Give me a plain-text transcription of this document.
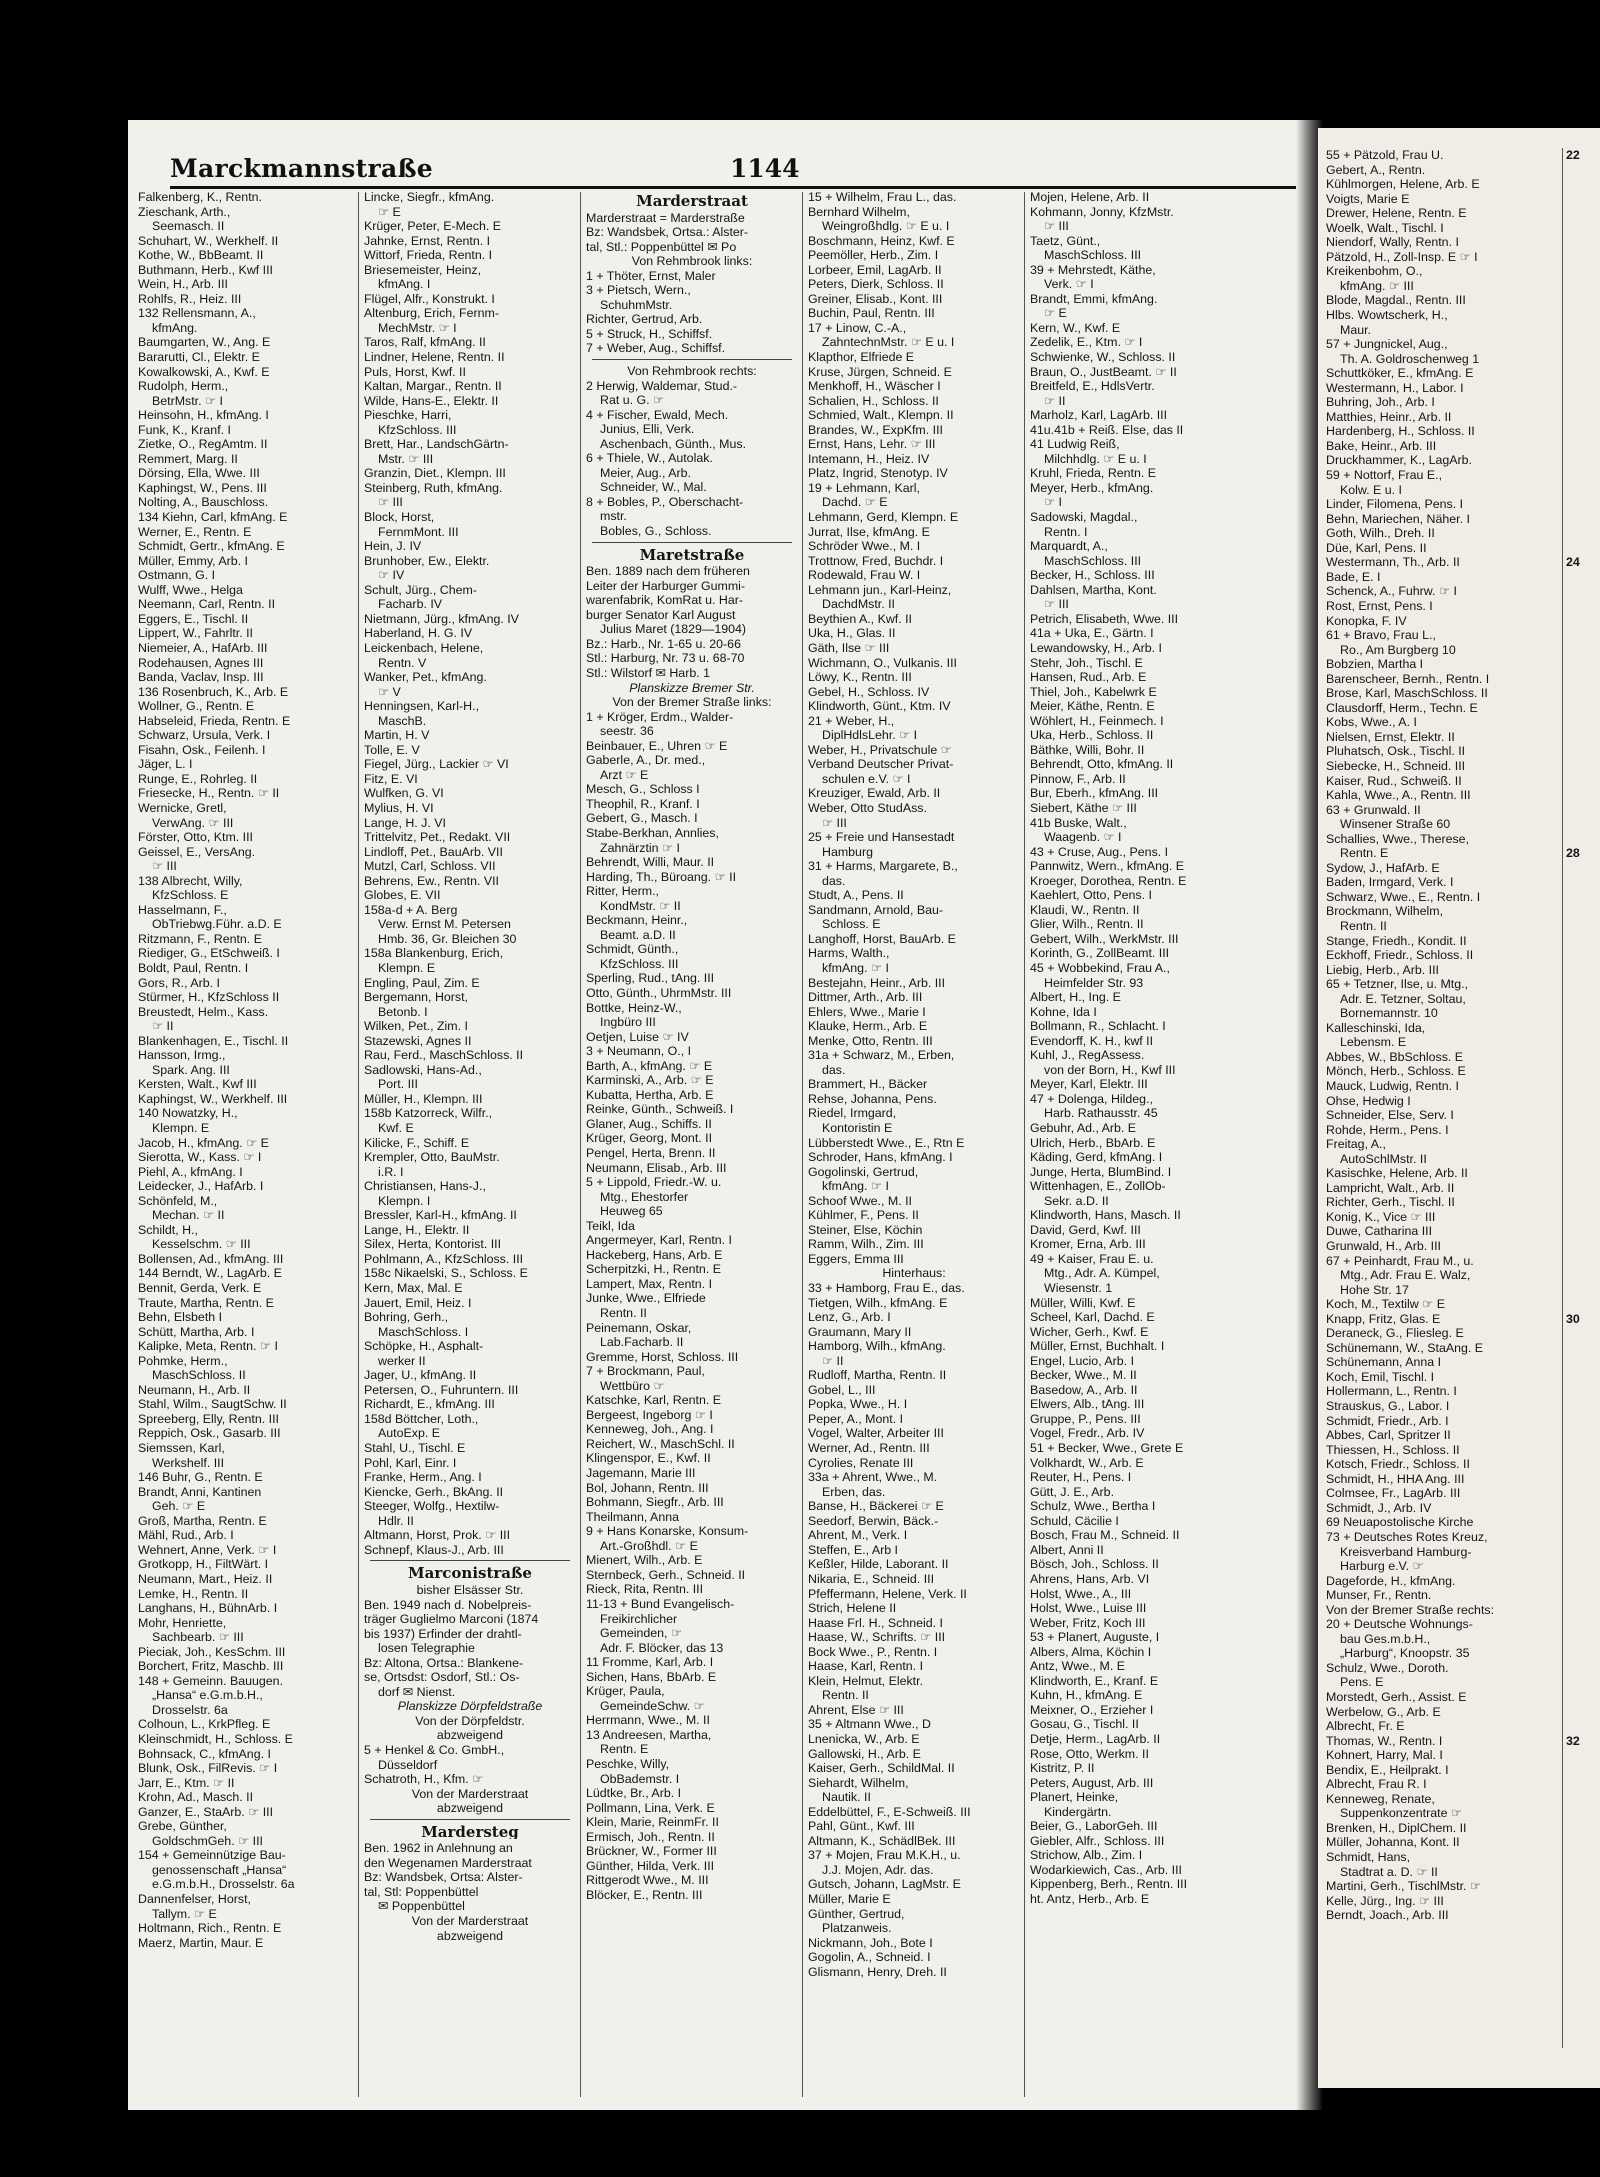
Marckmannstraße	1144
Falkenberg, K., Rentn.
Zieschank, Arth.,
Seemasch. II
Schuhart, W., Werkhelf. II
Kothe, W., BbBeamt. II
Buthmann, Herb., Kwf III
Wein, H., Arb. III
Rohlfs, R., Heiz. III
132 Rellensmann, A.,
kfmAng.
Baumgarten, W., Ang. E
Bararutti, Cl., Elektr. E
Kowalkowski, A., Kwf. E
Rudolph, Herm.,
BetrMstr. ☞ I
Heinsohn, H., kfmAng. I
Funk, K., Kranf. I
Zietke, O., RegAmtm. II
Remmert, Marg. II
Dörsing, Ella, Wwe. III
Kaphingst, W., Pens. III
Nolting, A., Bauschloss.
134 Kiehn, Carl, kfmAng. E
Werner, E., Rentn. E
Schmidt, Gertr., kfmAng. E
Müller, Emmy, Arb. I
Ostmann, G. I
Wulff, Wwe., Helga
Neemann, Carl, Rentn. II
Eggers, E., Tischl. II
Lippert, W., Fahrltr. II
Niemeier, A., HafArb. III
Rodehausen, Agnes III
Banda, Vaclav, Insp. III
136 Rosenbruch, K., Arb. E
Wollner, G., Rentn. E
Habseleid, Frieda, Rentn. E
Schwarz, Ursula, Verk. I
Fisahn, Osk., Feilenh. I
Jäger, L. I
Runge, E., Rohrleg. II
Friesecke, H., Rentn. ☞ II
Wernicke, Gretl,
VerwAng. ☞ III
Förster, Otto, Ktm. III
Geissel, E., VersAng.
☞ III
138 Albrecht, Willy,
KfzSchloss. E
Hasselmann, F.,
ObTriebwg.Führ. a.D. E
Ritzmann, F., Rentn. E
Riediger, G., EtSchweiß. I
Boldt, Paul, Rentn. I
Gors, R., Arb. I
Stürmer, H., KfzSchloss II
Breustedt, Helm., Kass.
☞ II
Blankenhagen, E., Tischl. II
Hansson, Irmg.,
Spark. Ang. III
Kersten, Walt., Kwf III
Kaphingst, W., Werkhelf. III
140 Nowatzky, H.,
Klempn. E
Jacob, H., kfmAng. ☞ E
Sierotta, W., Kass. ☞ I
Piehl, A., kfmAng. I
Leidecker, J., HafArb. I
Schönfeld, M.,
Mechan. ☞ II
Schildt, H.,
Kesselschm. ☞ III
Bollensen, Ad., kfmAng. III
144 Berndt, W., LagArb. E
Bennit, Gerda, Verk. E
Traute, Martha, Rentn. E
Behn, Elsbeth I
Schütt, Martha, Arb. I
Kalipke, Meta, Rentn. ☞ I
Pohmke, Herm.,
MaschSchloss. II
Neumann, H., Arb. II
Stahl, Wilm., SaugtSchw. II
Spreeberg, Elly, Rentn. III
Reppich, Osk., Gasarb. III
Siemssen, Karl,
Werkshelf. III
146 Buhr, G., Rentn. E
Brandt, Anni, Kantinen
Geh. ☞ E
Groß, Martha, Rentn. E
Mähl, Rud., Arb. I
Wehnert, Anne, Verk. ☞ I
Grotkopp, H., FiltWärt. I
Neumann, Mart., Heiz. II
Lemke, H., Rentn. II
Langhans, H., BühnArb. I
Mohr, Henriette,
Sachbearb. ☞ III
Pieciak, Joh., KesSchm. III
Borchert, Fritz, Maschb. III
148 + Gemeinn. Bauugen.
„Hansa“ e.G.m.b.H.,
Drosselstr. 6a
Colhoun, L., KrkPfleg. E
Kleinschmidt, H., Schloss. E
Bohnsack, C., kfmAng. I
Blunk, Osk., FilRevis. ☞ I
Jarr, E., Ktm. ☞ II
Krohn, Ad., Masch. II
Ganzer, E., StaArb. ☞ III
Grebe, Günther,
GoldschmGeh. ☞ III
154 + Gemeinnützige Bau-
genossenschaft „Hansa“
e.G.m.b.H., Drosselstr. 6a
Dannenfelser, Horst,
Tallym. ☞ E
Holtmann, Rich., Rentn. E
Maerz, Martin, Maur. E
Lincke, Siegfr., kfmAng.
☞ E
Krüger, Peter, E-Mech. E
Jahnke, Ernst, Rentn. I
Wittorf, Frieda, Rentn. I
Briesemeister, Heinz,
kfmAng. I
Flügel, Alfr., Konstrukt. I
Altenburg, Erich, Fernm-
MechMstr. ☞ I
Taros, Ralf, kfmAng. II
Lindner, Helene, Rentn. II
Puls, Horst, Kwf. II
Kaltan, Margar., Rentn. II
Wilde, Hans-E., Elektr. II
Pieschke, Harri,
KfzSchloss. III
Brett, Har., LandschGärtn-
Mstr. ☞ III
Granzin, Diet., Klempn. III
Steinberg, Ruth, kfmAng.
☞ III
Block, Horst,
FernmMont. III
Hein, J. IV
Brunhober, Ew., Elektr.
☞ IV
Schult, Jürg., Chem-
Facharb. IV
Nietmann, Jürg., kfmAng. IV
Haberland, H. G. IV
Leickenbach, Helene,
Rentn. V
Wanker, Pet., kfmAng.
☞ V
Henningsen, Karl-H.,
MaschB.
Martin, H. V
Tolle, E. V
Fiegel, Jürg., Lackier ☞ VI
Fitz, E. VI
Wulfken, G. VI
Mylius, H. VI
Lange, H. J. VI
Trittelvitz, Pet., Redakt. VII
Lindloff, Pet., BauArb. VII
Mutzl, Carl, Schloss. VII
Behrens, Ew., Rentn. VII
Globes, E. VII
158a-d + A. Berg
Verw. Ernst M. Petersen
Hmb. 36, Gr. Bleichen 30
158a Blankenburg, Erich,
Klempn. E
Engling, Paul, Zim. E
Bergemann, Horst,
Betonb. I
Wilken, Pet., Zim. I
Stazewski, Agnes II
Rau, Ferd., MaschSchloss. II
Sadlowski, Hans-Ad.,
Port. III
Müller, H., Klempn. III
158b Katzorreck, Wilfr.,
Kwf. E
Kilicke, F., Schiff. E
Krempler, Otto, BauMstr.
i.R. I
Christiansen, Hans-J.,
Klempn. I
Bressler, Karl-H., kfmAng. II
Lange, H., Elektr. II
Silex, Herta, Kontorist. III
Pohlmann, A., KfzSchloss. III
158c Nikaelski, S., Schloss. E
Kern, Max, Mal. E
Jauert, Emil, Heiz. I
Bohring, Gerh.,
MaschSchloss. I
Schöpke, H., Asphalt-
werker II
Jager, U., kfmAng. II
Petersen, O., Fuhruntern. III
Richardt, E., kfmAng. III
158d Böttcher, Loth.,
AutoExp. E
Stahl, U., Tischl. E
Pohl, Karl, Einr. I
Franke, Herm., Ang. I
Kiencke, Gerh., BkAng. II
Steeger, Wolfg., Hextilw-
Hdlr. II
Altmann, Horst, Prok. ☞ III
Schnepf, Klaus-J., Arb. III
Marconistraße
bisher Elsässer Str.
Ben. 1949 nach d. Nobelpreis-
träger Guglielmo Marconi (1874
bis 1937) Erfinder der drahtl-
losen Telegraphie
Bz: Altona, Ortsa.: Blankene-
se, Ortsdst: Osdorf, Stl.: Os-
dorf ✉ Nienst.
Planskizze Dörpfeldstraße
Von der Dörpfeldstr.
abzweigend
5 + Henkel & Co. GmbH.,
Düsseldorf
Schatroth, H., Kfm. ☞
Von der Marderstraat
abzweigend
Mardersteg
Ben. 1962 in Anlehnung an
den Wegenamen Marderstraat
Bz: Wandsbek, Ortsa: Alster-
tal, Stl: Poppenbüttel
✉ Poppenbüttel
Von der Marderstraat
abzweigend
Marderstraat
Marderstraat = Marderstraße
Bz: Wandsbek, Ortsa.: Alster-
tal, Stl.: Poppenbüttel ✉ Po
Von Rehmbrook links:
1 + Thöter, Ernst, Maler
3 + Pietsch, Wern.,
SchuhmMstr.
Richter, Gertrud, Arb.
5 + Struck, H., Schiffsf.
7 + Weber, Aug., Schiffsf.
Von Rehmbrook rechts:
2 Herwig, Waldemar, Stud.-
Rat u. G. ☞
4 + Fischer, Ewald, Mech.
Junius, Elli, Verk.
Aschenbach, Günth., Mus.
6 + Thiele, W., Autolak.
Meier, Aug., Arb.
Schneider, W., Mal.
8 + Bobles, P., Oberschacht-
mstr.
Bobles, G., Schloss.
Maretstraße
Ben. 1889 nach dem früheren
Leiter der Harburger Gummi-
warenfabrik, KomRat u. Har-
burger Senator Karl August
Julius Maret (1829—1904)
Bz.: Harb., Nr. 1-65 u. 20-66
Stl.: Harburg, Nr. 73 u. 68-70
Stl.: Wilstorf ✉ Harb. 1
Planskizze Bremer Str.
Von der Bremer Straße links:
1 + Kröger, Erdm., Walder-
seestr. 36
Beinbauer, E., Uhren ☞ E
Gaberle, A., Dr. med.,
Arzt ☞ E
Mesch, G., Schloss I
Theophil, R., Kranf. I
Gebert, G., Masch. I
Stabe-Berkhan, Annlies,
Zahnärztin ☞ I
Behrendt, Willi, Maur. II
Harding, Th., Büroang. ☞ II
Ritter, Herm.,
KondMstr. ☞ II
Beckmann, Heinr.,
Beamt. a.D. II
Schmidt, Günth.,
KfzSchloss. III
Sperling, Rud., tAng. III
Otto, Günth., UhrmMstr. III
Bottke, Heinz-W.,
Ingbüro III
Oetjen, Luise ☞ IV
3 + Neumann, O., I
Barth, A., kfmAng. ☞ E
Karminski, A., Arb. ☞ E
Kubatta, Hertha, Arb. E
Reinke, Günth., Schweiß. I
Glaner, Aug., Schiffs. II
Krüger, Georg, Mont. II
Pengel, Herta, Brenn. II
Neumann, Elisab., Arb. III
5 + Lippold, Friedr.-W. u.
Mtg., Ehestorfer
Heuweg 65
Teikl, Ida
Angermeyer, Karl, Rentn. I
Hackeberg, Hans, Arb. E
Scherpitzki, H., Rentn. E
Lampert, Max, Rentn. I
Junke, Wwe., Elfriede
Rentn. II
Peinemann, Oskar,
Lab.Facharb. II
Gremme, Horst, Schloss. III
7 + Brockmann, Paul,
Wettbüro ☞
Katschke, Karl, Rentn. E
Bergeest, Ingeborg ☞ I
Kenneweg, Joh., Ang. I
Reichert, W., MaschSchl. II
Klingenspor, E., Kwf. II
Jagemann, Marie III
Bol, Johann, Rentn. III
Bohmann, Siegfr., Arb. III
Theilmann, Anna
9 + Hans Konarske, Konsum-
Art.-Großhdl. ☞ E
Mienert, Wilh., Arb. E
Sternbeck, Gerh., Schneid. II
Rieck, Rita, Rentn. III
11-13 + Bund Evangelisch-
Freikirchlicher
Gemeinden, ☞
Adr. F. Blöcker, das 13
11 Fromme, Karl, Arb. I
Sichen, Hans, BbArb. E
Krüger, Paula,
GemeindeSchw. ☞
Herrmann, Wwe., M. II
13 Andreesen, Martha,
Rentn. E
Peschke, Willy,
ObBademstr. I
Lüdtke, Br., Arb. I
Pollmann, Lina, Verk. E
Klein, Marie, ReinmFr. II
Ermisch, Joh., Rentn. II
Brückner, W., Former III
Günther, Hilda, Verk. III
Rittgerodt Wwe., M. III
Blöcker, E., Rentn. III
15 + Wilhelm, Frau L., das.
Bernhard Wilhelm,
Weingroßhdlg. ☞ E u. I
Boschmann, Heinz, Kwf. E
Peemöller, Herb., Zim. I
Lorbeer, Emil, LagArb. II
Peters, Dierk, Schloss. II
Greiner, Elisab., Kont. III
Buchin, Paul, Rentn. III
17 + Linow, C.-A.,
ZahntechnMstr. ☞ E u. I
Klapthor, Elfriede E
Kruse, Jürgen, Schneid. E
Menkhoff, H., Wäscher I
Schalien, H., Schloss. II
Schmied, Walt., Klempn. II
Brandes, W., ExpKfm. III
Ernst, Hans, Lehr. ☞ III
Intemann, H., Heiz. IV
Platz, Ingrid, Stenotyp. IV
19 + Lehmann, Karl,
Dachd. ☞ E
Lehmann, Gerd, Klempn. E
Jurrat, Ilse, kfmAng. E
Schröder Wwe., M. I
Trottnow, Fred, Buchdr. I
Rodewald, Frau W. I
Lehmann jun., Karl-Heinz,
DachdMstr. II
Beythien A., Kwf. II
Uka, H., Glas. II
Gäth, Ilse ☞ III
Wichmann, O., Vulkanis. III
Löwy, K., Rentn. III
Gebel, H., Schloss. IV
Klindworth, Günt., Ktm. IV
21 + Weber, H.,
DiplHdlsLehr. ☞ I
Weber, H., Privatschule ☞
Verband Deutscher Privat-
schulen e.V. ☞ I
Kreuziger, Ewald, Arb. II
Weber, Otto StudAss.
☞ III
25 + Freie und Hansestadt
Hamburg
31 + Harms, Margarete, B.,
das.
Studt, A., Pens. II
Sandmann, Arnold, Bau-
Schloss. E
Langhoff, Horst, BauArb. E
Harms, Walth.,
kfmAng. ☞ I
Bestejahn, Heinr., Arb. III
Dittmer, Arth., Arb. III
Ehlers, Wwe., Marie I
Klauke, Herm., Arb. E
Menke, Otto, Rentn. III
31a + Schwarz, M., Erben,
das.
Brammert, H., Bäcker
Rehse, Johanna, Pens.
Riedel, Irmgard,
Kontoristin E
Lübberstedt Wwe., E., Rtn E
Schroder, Hans, kfmAng. I
Gogolinski, Gertrud,
kfmAng. ☞ I
Schoof Wwe., M. II
Kühlmer, F., Pens. II
Steiner, Else, Köchin
Ramm, Wilh., Zim. III
Eggers, Emma III
Hinterhaus:
33 + Hamborg, Frau E., das.
Tietgen, Wilh., kfmAng. E
Lenz, G., Arb. I
Graumann, Mary II
Hamborg, Wilh., kfmAng.
☞ II
Rudloff, Martha, Rentn. II
Gobel, L., III
Popka, Wwe., H. I
Peper, A., Mont. I
Vogel, Walter, Arbeiter III
Werner, Ad., Rentn. III
Cyrolies, Renate III
33a + Ahrent, Wwe., M.
Erben, das.
Banse, H., Bäckerei ☞ E
Seedorf, Berwin, Bäck.-
Ahrent, M., Verk. I
Steffen, E., Arb I
Keßler, Hilde, Laborant. II
Nikaria, E., Schneid. III
Pfeffermann, Helene, Verk. II
Strich, Helene II
Haase Frl. H., Schneid. I
Haase, W., Schrifts. ☞ III
Bock Wwe., P., Rentn. I
Haase, Karl, Rentn. I
Klein, Helmut, Elektr.
Rentn. II
Ahrent, Else ☞ III
35 + Altmann Wwe., D
Lnenicka, W., Arb. E
Gallowski, H., Arb. E
Kaiser, Gerh., SchildMal. II
Siehardt, Wilhelm,
Nautik. II
Eddelbüttel, F., E-Schweiß. III
Pahl, Günt., Kwf. III
Altmann, K., SchädlBek. III
37 + Mojen, Frau M.K.H., u.
J.J. Mojen, Adr. das.
Gutsch, Johann, LagMstr. E
Müller, Marie E
Günther, Gertrud,
Platzanweis.
Nickmann, Joh., Bote I
Gogolin, A., Schneid. I
Glismann, Henry, Dreh. II
Mojen, Helene, Arb. II
Kohmann, Jonny, KfzMstr.
☞ III
Taetz, Günt.,
MaschSchloss. III
39 + Mehrstedt, Käthe,
Verk. ☞ I
Brandt, Emmi, kfmAng.
☞ E
Kern, W., Kwf. E
Zedelik, E., Ktm. ☞ I
Schwienke, W., Schloss. II
Braun, O., JustBeamt. ☞ II
Breitfeld, E., HdlsVertr.
☞ II
Marholz, Karl, LagArb. III
41u.41b + Reiß. Else, das II
41 Ludwig Reiß,
Milchhdlg. ☞ E u. I
Kruhl, Frieda, Rentn. E
Meyer, Herb., kfmAng.
☞ I
Sadowski, Magdal.,
Rentn. I
Marquardt, A.,
MaschSchloss. III
Becker, H., Schloss. III
Dahlsen, Martha, Kont.
☞ III
Petrich, Elisabeth, Wwe. III
41a + Uka, E., Gärtn. I
Lewandowsky, H., Arb. I
Stehr, Joh., Tischl. E
Hansen, Rud., Arb. E
Thiel, Joh., Kabelwrk E
Meier, Käthe, Rentn. E
Wöhlert, H., Feinmech. I
Uka, Herb., Schloss. II
Bäthke, Willi, Bohr. II
Behrendt, Otto, kfmAng. II
Pinnow, F., Arb. II
Bur, Eberh., kfmAng. III
Siebert, Käthe ☞ III
41b Buske, Walt.,
Waagenb. ☞ I
43 + Cruse, Aug., Pens. I
Pannwitz, Wern., kfmAng. E
Kroeger, Dorothea, Rentn. E
Kaehlert, Otto, Pens. I
Klaudi, W., Rentn. II
Glier, Wilh., Rentn. II
Gebert, Wilh., WerkMstr. III
Korinth, G., ZollBeamt. III
45 + Wobbekind, Frau A.,
Heimfelder Str. 93
Albert, H., Ing. E
Kohne, Ida I
Bollmann, R., Schlacht. I
Evendorff, K. H., kwf II
Kuhl, J., RegAssess.
von der Born, H., Kwf III
Meyer, Karl, Elektr. III
47 + Dolenga, Hildeg.,
Harb. Rathausstr. 45
Gebuhr, Ad., Arb. E
Ulrich, Herb., BbArb. E
Käding, Gerd, kfmAng. I
Junge, Herta, BlumBind. I
Wittenhagen, E., ZollOb-
Sekr. a.D. II
Klindworth, Hans, Masch. II
David, Gerd, Kwf. III
Kromer, Erna, Arb. III
49 + Kaiser, Frau E. u.
Mtg., Adr. A. Kümpel,
Wiesenstr. 1
Müller, Willi, Kwf. E
Scheel, Karl, Dachd. E
Wicher, Gerh., Kwf. E
Müller, Ernst, Buchhalt. I
Engel, Lucio, Arb. I
Becker, Wwe., M. II
Basedow, A., Arb. II
Elwers, Alb., tAng. III
Gruppe, P., Pens. III
Vogel, Fredr., Arb. IV
51 + Becker, Wwe., Grete E
Volkhardt, W., Arb. E
Reuter, H., Pens. I
Gütt, J. E., Arb.
Schulz, Wwe., Bertha I
Schuld, Cäcilie I
Bosch, Frau M., Schneid. II
Albert, Anni II
Bösch, Joh., Schloss. II
Ahrens, Hans, Arb. VI
Holst, Wwe., A., III
Holst, Wwe., Luise III
Weber, Fritz, Koch III
53 + Planert, Auguste, I
Albers, Alma, Köchin I
Antz, Wwe., M. E
Klindworth, E., Kranf. E
Kuhn, H., kfmAng. E
Meixner, O., Erzieher I
Gosau, G., Tischl. II
Detje, Herm., LagArb. II
Rose, Otto, Werkm. II
Kistritz, P. II
Peters, August, Arb. III
Planert, Heinke,
Kindergärtn.
Beier, G., LaborGeh. III
Giebler, Alfr., Schloss. III
Strichow, Alb., Zim. I
Wodarkiewich, Cas., Arb. III
Kippenberg, Berh., Rentn. III
ht. Antz, Herb., Arb. E
55 + Pätzold, Frau U.
Gebert, A., Rentn.
Kühlmorgen, Helene, Arb. E
Voigts, Marie E
Drewer, Helene, Rentn. E
Woelk, Walt., Tischl. I
Niendorf, Wally, Rentn. I
Pätzold, H., Zoll-Insp. E ☞ I
Kreikenbohm, O.,
kfmAng. ☞ III
Blode, Magdal., Rentn. III
Hlbs. Wowtscherk, H.,
Maur.
57 + Jungnickel, Aug.,
Th. A. Goldroschenweg 1
Schuttköker, E., kfmAng. E
Westermann, H., Labor. I
Buhring, Joh., Arb. I
Matthies, Heinr., Arb. II
Hardenberg, H., Schloss. II
Bake, Heinr., Arb. III
Druckhammer, K., LagArb.
59 + Nottorf, Frau E.,
Kolw. E u. I
Linder, Filomena, Pens. I
Behn, Mariechen, Näher. I
Goth, Wilh., Dreh. II
Düe, Karl, Pens. II
Westermann, Th., Arb. II
Bade, E. I
Schenck, A., Fuhrw. ☞ I
Rost, Ernst, Pens. I
Konopka, F. IV
61 + Bravo, Frau L.,
Ro., Am Burgberg 10
Bobzien, Martha I
Barenscheer, Bernh., Rentn. I
Brose, Karl, MaschSchloss. II
Clausdorff, Herm., Techn. E
Kobs, Wwe., A. I
Nielsen, Ernst, Elektr. II
Pluhatsch, Osk., Tischl. II
Siebecke, H., Schneid. III
Kaiser, Rud., Schweiß. II
Kahla, Wwe., A., Rentn. III
63 + Grunwald. II
Winsener Straße 60
Schallies, Wwe., Therese,
Rentn. E
Sydow, J., HafArb. E
Baden, Irmgard, Verk. I
Schwarz, Wwe., E., Rentn. I
Brockmann, Wilhelm,
Rentn. II
Stange, Friedh., Kondit. II
Eckhoff, Friedr., Schloss. II
Liebig, Herb., Arb. III
65 + Tetzner, Ilse, u. Mtg.,
Adr. E. Tetzner, Soltau,
Bornemannstr. 10
Kalleschinski, Ida,
Lebensm. E
Abbes, W., BbSchloss. E
Mönch, Herb., Schloss. E
Mauck, Ludwig, Rentn. I
Ohse, Hedwig I
Schneider, Else, Serv. I
Rohde, Herm., Pens. I
Freitag, A.,
AutoSchlMstr. II
Kasischke, Helene, Arb. II
Lampricht, Walt., Arb. II
Richter, Gerh., Tischl. II
Konig, K., Vice ☞ III
Duwe, Catharina III
Grunwald, H., Arb. III
67 + Peinhardt, Frau M., u.
Mtg., Adr. Frau E. Walz,
Hohe Str. 17
Koch, M., Textilw ☞ E
Knapp, Fritz, Glas. E
Deraneck, G., Fliesleg. E
Schünemann, W., StaAng. E
Schünemann, Anna I
Koch, Emil, Tischl. I
Hollermann, L., Rentn. I
Strauskus, G., Labor. I
Schmidt, Friedr., Arb. I
Abbes, Carl, Spritzer II
Thiessen, H., Schloss. II
Kotsch, Friedr., Schloss. II
Schmidt, H., HHA Ang. III
Colmsee, Fr., LagArb. III
Schmidt, J., Arb. IV
69 Neuapostolische Kirche
73 + Deutsches Rotes Kreuz,
Kreisverband Hamburg-
Harburg e.V. ☞
Dageforde, H., kfmAng.
Munser, Fr., Rentn.
Von der Bremer Straße rechts:
20 + Deutsche Wohnungs-
bau Ges.m.b.H.,
„Harburg“, Knoopstr. 35
Schulz, Wwe., Doroth.
Pens. E
Morstedt, Gerh., Assist. E
Werbelow, G., Arb. E
Albrecht, Fr. E
Thomas, W., Rentn. I
Kohnert, Harry, Mal. I
Bendix, E., Heilprakt. I
Albrecht, Frau R. I
Kenneweg, Renate,
Suppenkonzentrate ☞
Brenken, H., DiplChem. II
Müller, Johanna, Kont. II
Schmidt, Hans,
Stadtrat a. D. ☞ II
Martini, Gerh., TischlMstr. ☞
Kelle, Jürg., Ing. ☞ III
Berndt, Joach., Arb. III
22
24
28
30
32
